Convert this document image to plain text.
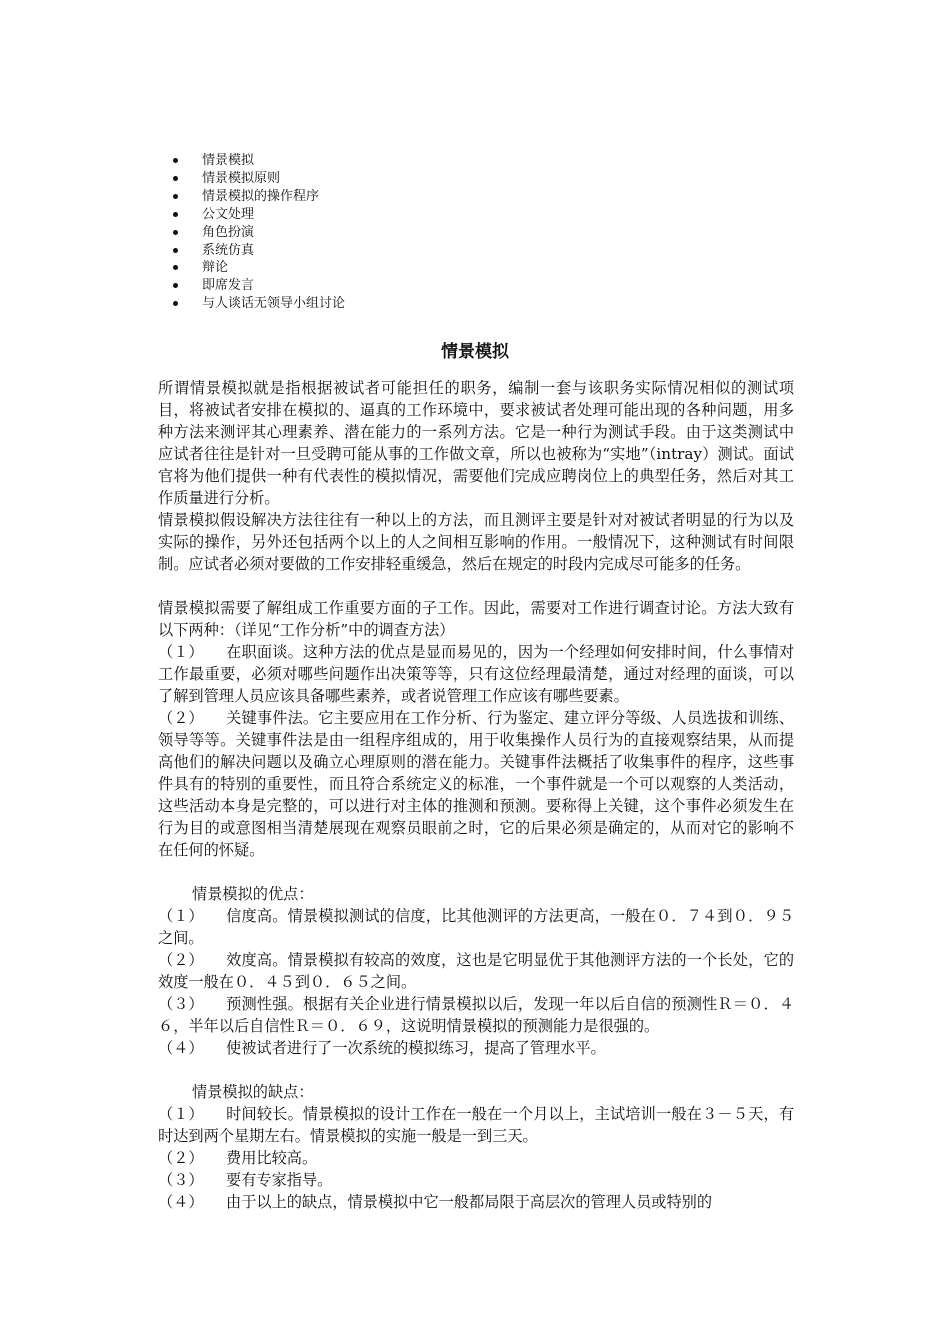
情景模拟
情景模拟原则
情景模拟的操作程序
公文处理
角色扮演
系统仿真
辩论
即席发言
与人谈话无领导小组讨论
情景模拟

所谓情景模拟就是指根据被试者可能担任的职务，编制一套与该职务实际情况相似的测试项目，将被试者安排在模拟的、逼真的工作环境中，要求被试者处理可能出现的各种问题，用多种方法来测评其心理素养、潜在能力的一系列方法。它是一种行为测试手段。由于这类测试中应试者往往是针对一旦受聘可能从事的工作做文章，所以也被称为“实地”（intray）测试。面试官将为他们提供一种有代表性的模拟情况，需要他们完成应聘岗位上的典型任务，然后对其工作质量进行分析。

情景模拟假设解决方法往往有一种以上的方法，而且测评主要是针对对被试者明显的行为以及实际的操作，另外还包括两个以上的人之间相互影响的作用。一般情况下，这种测试有时间限制。应试者必须对要做的工作安排轻重缓急，然后在规定的时段内完成尽可能多的任务。

情景模拟需要了解组成工作重要方面的子工作。因此，需要对工作进行调查讨论。方法大致有以下两种：（详见“工作分析”中的调查方法）

（１） 在职面谈。这种方法的优点是显而易见的，因为一个经理如何安排时间，什么事情对工作最重要，必须对哪些问题作出决策等等，只有这位经理最清楚，通过对经理的面谈，可以了解到管理人员应该具备哪些素养，或者说管理工作应该有哪些要素。

（２） 关键事件法。它主要应用在工作分析、行为鉴定、建立评分等级、人员选拔和训练、领导等等。关键事件法是由一组程序组成的，用于收集操作人员行为的直接观察结果，从而提高他们的解决问题以及确立心理原则的潜在能力。关键事件法概括了收集事件的程序，这些事件具有的特别的重要性，而且符合系统定义的标准，一个事件就是一个可以观察的人类活动，这些活动本身是完整的，可以进行对主体的推测和预测。要称得上关键，这个事件必须发生在行为目的或意图相当清楚展现在观察员眼前之时，它的后果必须是确定的，从而对它的影响不在任何的怀疑。

情景模拟的优点：

（１） 信度高。情景模拟测试的信度，比其他测评的方法更高，一般在０．７４到０．９５之间。

（２） 效度高。情景模拟有较高的效度，这也是它明显优于其他测评方法的一个长处，它的效度一般在０．４５到０．６５之间。

（３） 预测性强。根据有关企业进行情景模拟以后，发现一年以后自信的预测性Ｒ＝０．４６，半年以后自信性Ｒ＝０．６９，这说明情景模拟的预测能力是很强的。

（４） 使被试者进行了一次系统的模拟练习，提高了管理水平。

情景模拟的缺点：

（１） 时间较长。情景模拟的设计工作在一般在一个月以上，主试培训一般在３－５天，有时达到两个星期左右。情景模拟的实施一般是一到三天。

（２） 费用比较高。

（３） 要有专家指导。

（４） 由于以上的缺点，情景模拟中它一般都局限于高层次的管理人员或特别的
